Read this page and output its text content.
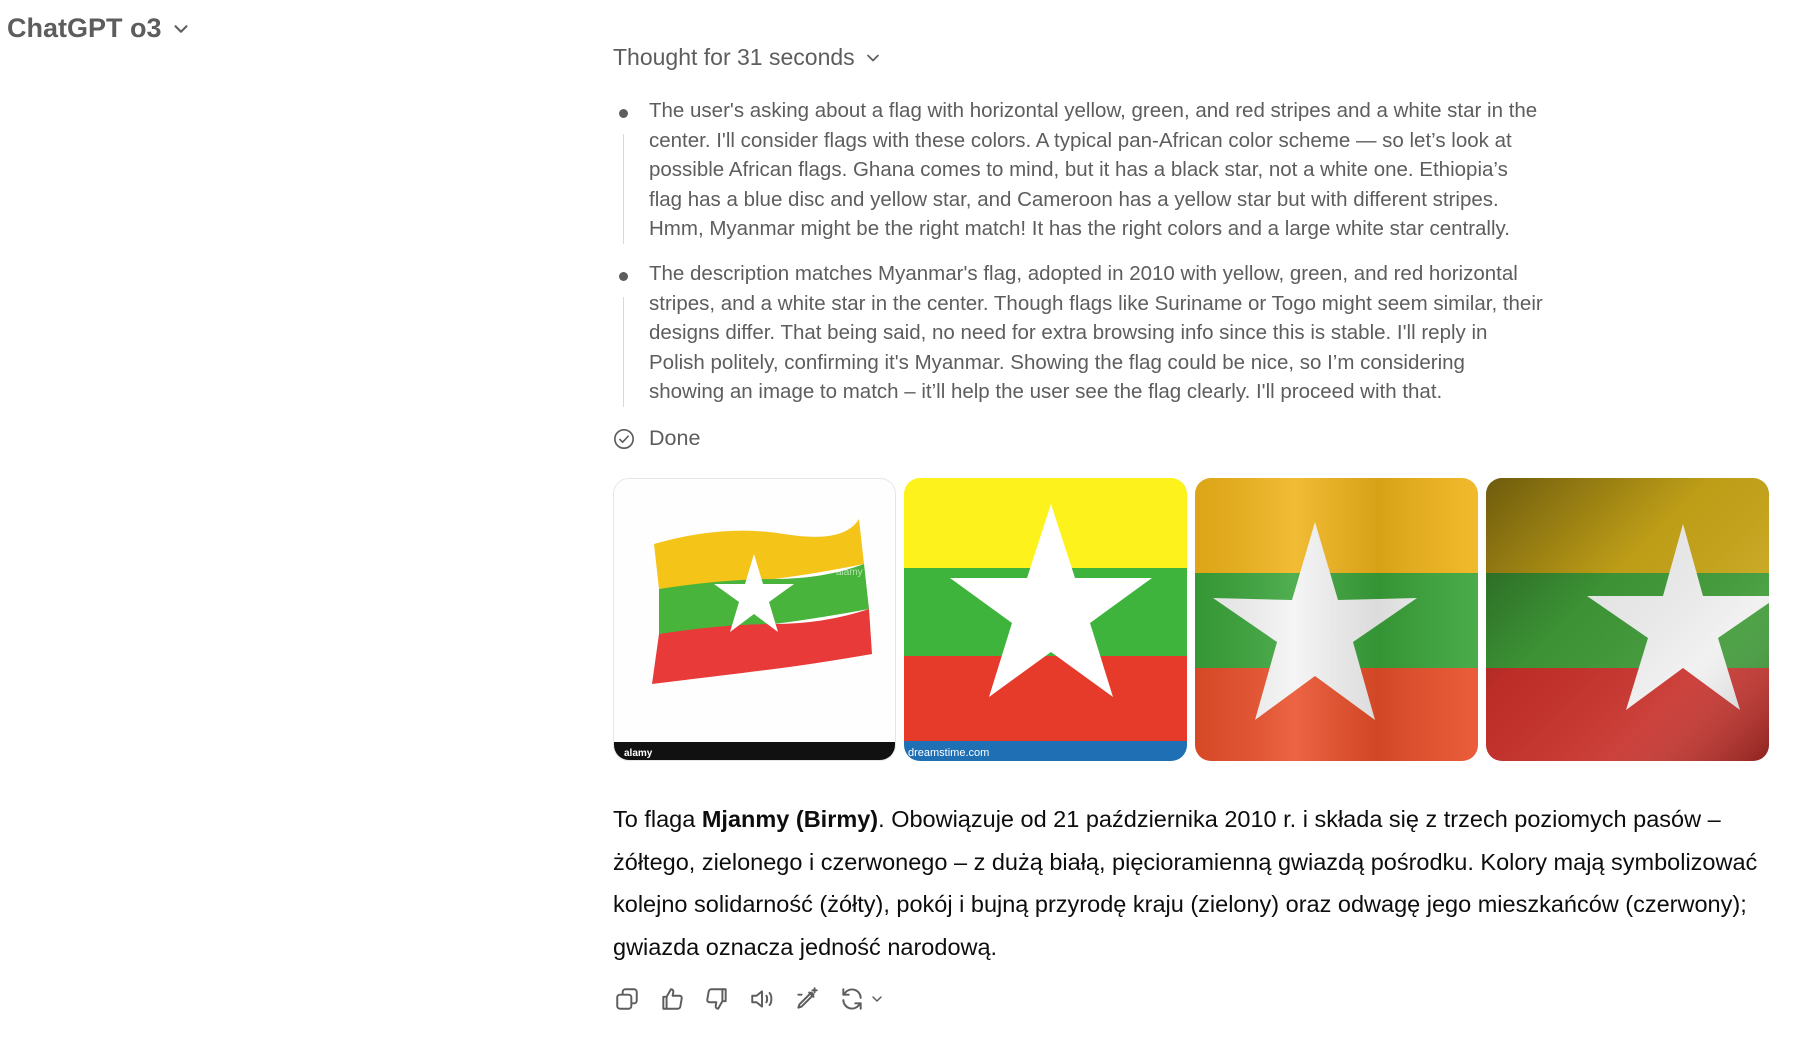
ChatGPT o3
Thought for 31 seconds
The user's asking about a flag with horizontal yellow, green, and red stripes and a white star in the center. I'll consider flags with these colors. A typical pan-African color scheme — so let’s look at possible African flags. Ghana comes to mind, but it has a black star, not a white one. Ethiopia’s flag has a blue disc and yellow star, and Cameroon has a yellow star but with different stripes. Hmm, Myanmar might be the right match! It has the right colors and a large white star centrally.
The description matches Myanmar's flag, adopted in 2010 with yellow, green, and red horizontal stripes, and a white star in the center. Though flags like Suriname or Togo might seem similar, their designs differ. That being said, no need for extra browsing info since this is stable. I'll reply in Polish politely, confirming it's Myanmar. Showing the flag could be nice, so I’m considering showing an image to match – it’ll help the user see the flag clearly. I'll proceed with that.
Done
alamy
alamy
dreamstime.com
To flaga Mjanmy (Birmy). Obowiązuje od 21 października 2010 r. i składa się z trzech poziomych pasów – żółtego, zielonego i czerwonego – z dużą białą, pięcioramienną gwiazdą pośrodku. Kolory mają symbolizować kolejno solidarność (żółty), pokój i bujną przyrodę kraju (zielony) oraz odwagę jego mieszkańców (czerwony); gwiazda oznacza jedność narodową.
